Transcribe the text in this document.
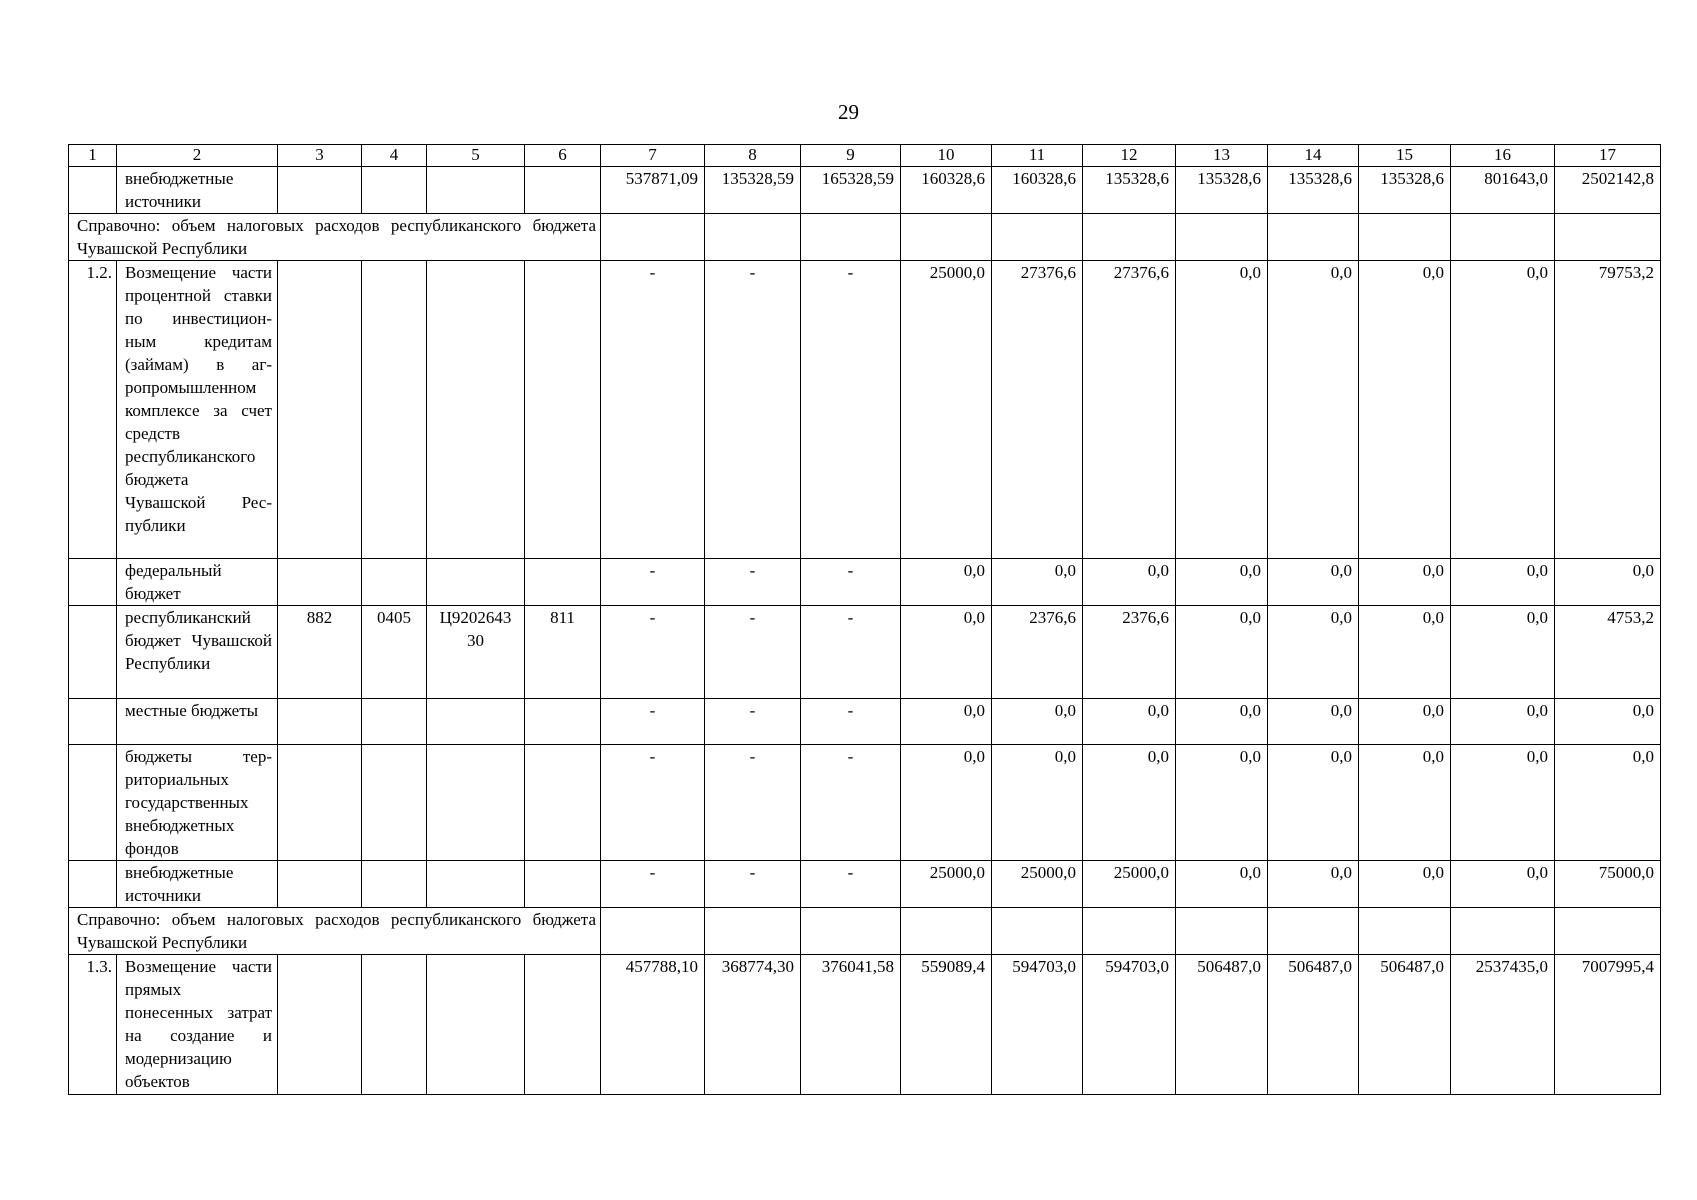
29
1	2	3	4	5	6	7	8	9	10	11	12	13	14	15	16	17
	внебюджетные источники					537871,09	135328,59	165328,59	160328,6	160328,6	135328,6	135328,6	135328,6	135328,6	801643,0	2502142,8
Справочно: объем налоговых расходов республиканского бюджета Чувашской Республики																
1.2.	Возмещение части процентной ставки по инвестиционным кредитам (займам) в агропромышленном комплексе за счет средств республиканского бюджета Чувашской Республики					-	-	-	25000,0	27376,6	27376,6	0,0	0,0	0,0	0,0	79753,2
	федеральный бюджет					-	-	-	0,0	0,0	0,0	0,0	0,0	0,0	0,0	0,0
	республиканский бюджет Чувашской Республики	882	0405	Ц920264330	811	-	-	-	0,0	2376,6	2376,6	0,0	0,0	0,0	0,0	4753,2
	местные бюджеты					-	-	-	0,0	0,0	0,0	0,0	0,0	0,0	0,0	0,0
	бюджеты территориальных государственных внебюджетных фондов					-	-	-	0,0	0,0	0,0	0,0	0,0	0,0	0,0	0,0
	внебюджетные источники					-	-	-	25000,0	25000,0	25000,0	0,0	0,0	0,0	0,0	75000,0
Справочно: объем налоговых расходов республиканского бюджета Чувашской Республики																
1.3.	Возмещение части прямых понесенных затрат на создание и модернизацию объектов					457788,10	368774,30	376041,58	559089,4	594703,0	594703,0	506487,0	506487,0	506487,0	2537435,0	7007995,4
